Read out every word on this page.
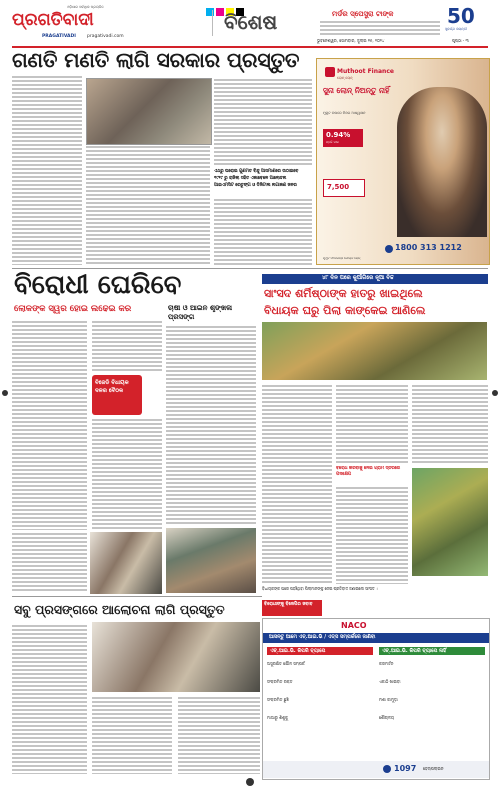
ପ୍ରଗତିବାଦୀ
PRAGATIVADI pragativadi.com
ଓଡ଼ିଶାର ସର୍ବାଧିକ ପ୍ରଚାରିତ
ବିଶେଷ	ମର୍ଡର ସ୍ପେସ୍ଟ୍ରା ଟାଙ୍କ	50
ସୁବର୍ଣ୍ଣ ଜୟନ୍ତୀ
ଭୁବନେଶ୍ୱର, ସୋମବାର, ଜୁଲାଇ ୧୫, ୨୦୨୪	ପୃଷ୍ଠା - ୩
ଗଣତି ମଣତି ଲାଗି ସରକାର ପ୍ରସ୍ତୁତ
ଏଥରୁ ଘରୋଇ ଗୁଣମତ ବିନ୍ଦୁ ଆସମାଣରେ ଉଠାଇବେ
୧୯୧୯ ରୁ ରାଜିଲା ସହିତ ଏକାବେଳେ ଆଲୋଚନା
ଆଇଏମସିଟ ରେତୁଙ୍ଗ ଓ ଡିଜିଟାଲ ନାଗାକଣ ଜନର
Muthoot Finance
ଲୋନ୍ ଲୋନ୍
ସୁନା ଲୋନ୍ ନିଅନ୍ତୁ ନାହିଁ
ମୁକୁଟ ଉପରେ ନିଜର ଆଶ୍ୱାସନ
0.94%
ପ୍ରତି ମାସ
7,500
1800 313 1212
ମୁଥୁଟ ଫାଇନାନ୍ସ ଗୋଲ୍ଡ ଲୋନ୍
ବିରୋଧୀ ଘେରିବେ
ଲୋକଙ୍କ ସ୍ୱର ହୋଇ ଲଢେଇ କର	ଚାଷୀ ଓ ଆଇନ ଶୃଙ୍ଖଳା ପ୍ରସଙ୍ଗ
ବିଜେଡି ବିଧାୟକ ଦଳର ବୈଠକ
୪୮ ଦିନ ପରେ କୁଆଁଗିରେ ନୂଆ ବିଚ୍ଚ
ସାଂସଦ ଶର୍ମିଷ୍ଠାଙ୍କ ହାତରୁ ଖାଇଥିଲେ
ବିଧାୟକ ଘରୁ ପିଲା କାଙ୍କେଇ ଆଣିଲେ
ବିରୋଧ କରିବାକୁ ନେଇ ଗ୍ରାମ ସ୍ତରରେ ପଦକ୍ଷେପ
ବିଧାୟକଙ୍କ ଘରେ ପହଞ୍ଚିଥିବା ପିଲାମାନଙ୍କୁ ନେଇ ପ୍ରତିବାଦ ଜଣାଇଲେ ସାଂସଦ ।
ସବୁ ପ୍ରସଙ୍ଗରେ ଆଲୋଚନା ଲାଗି ପ୍ରସ୍ତୁତ	ବିରୋଧୀଙ୍କୁ ବିଜେପିର ଜବାବ
NACO
ଆସନ୍ତୁ ଆମେ ଏଚ୍.ଆଇ.ଭି / ଏଡ୍ସ ସମ୍ପର୍କରେ ଜାଣିବା
ଏଚ୍.ଆଇ.ଭି. କିପରି ବ୍ୟାପେ
ଅସୁରକ୍ଷିତ ଯୌନ ସମ୍ପର୍କ
ସଂକ୍ରମିତ ରକ୍ତ
ସଂକ୍ରମିତ ଛୁଞ୍ଚି
ମାଆରୁ ଶିଶୁକୁ
ଏଚ୍.ଆଇ.ଭି. କିପରି ବ୍ୟାପେ ନାହିଁ
କରମର୍ଦ୍ଦନ
ଏକାଠି ଖାଇବା
ମଶା କାମୁଡ଼ା
ଶୌଚାଳୟ
1097 ହେଲ୍ପଲାଇନ
